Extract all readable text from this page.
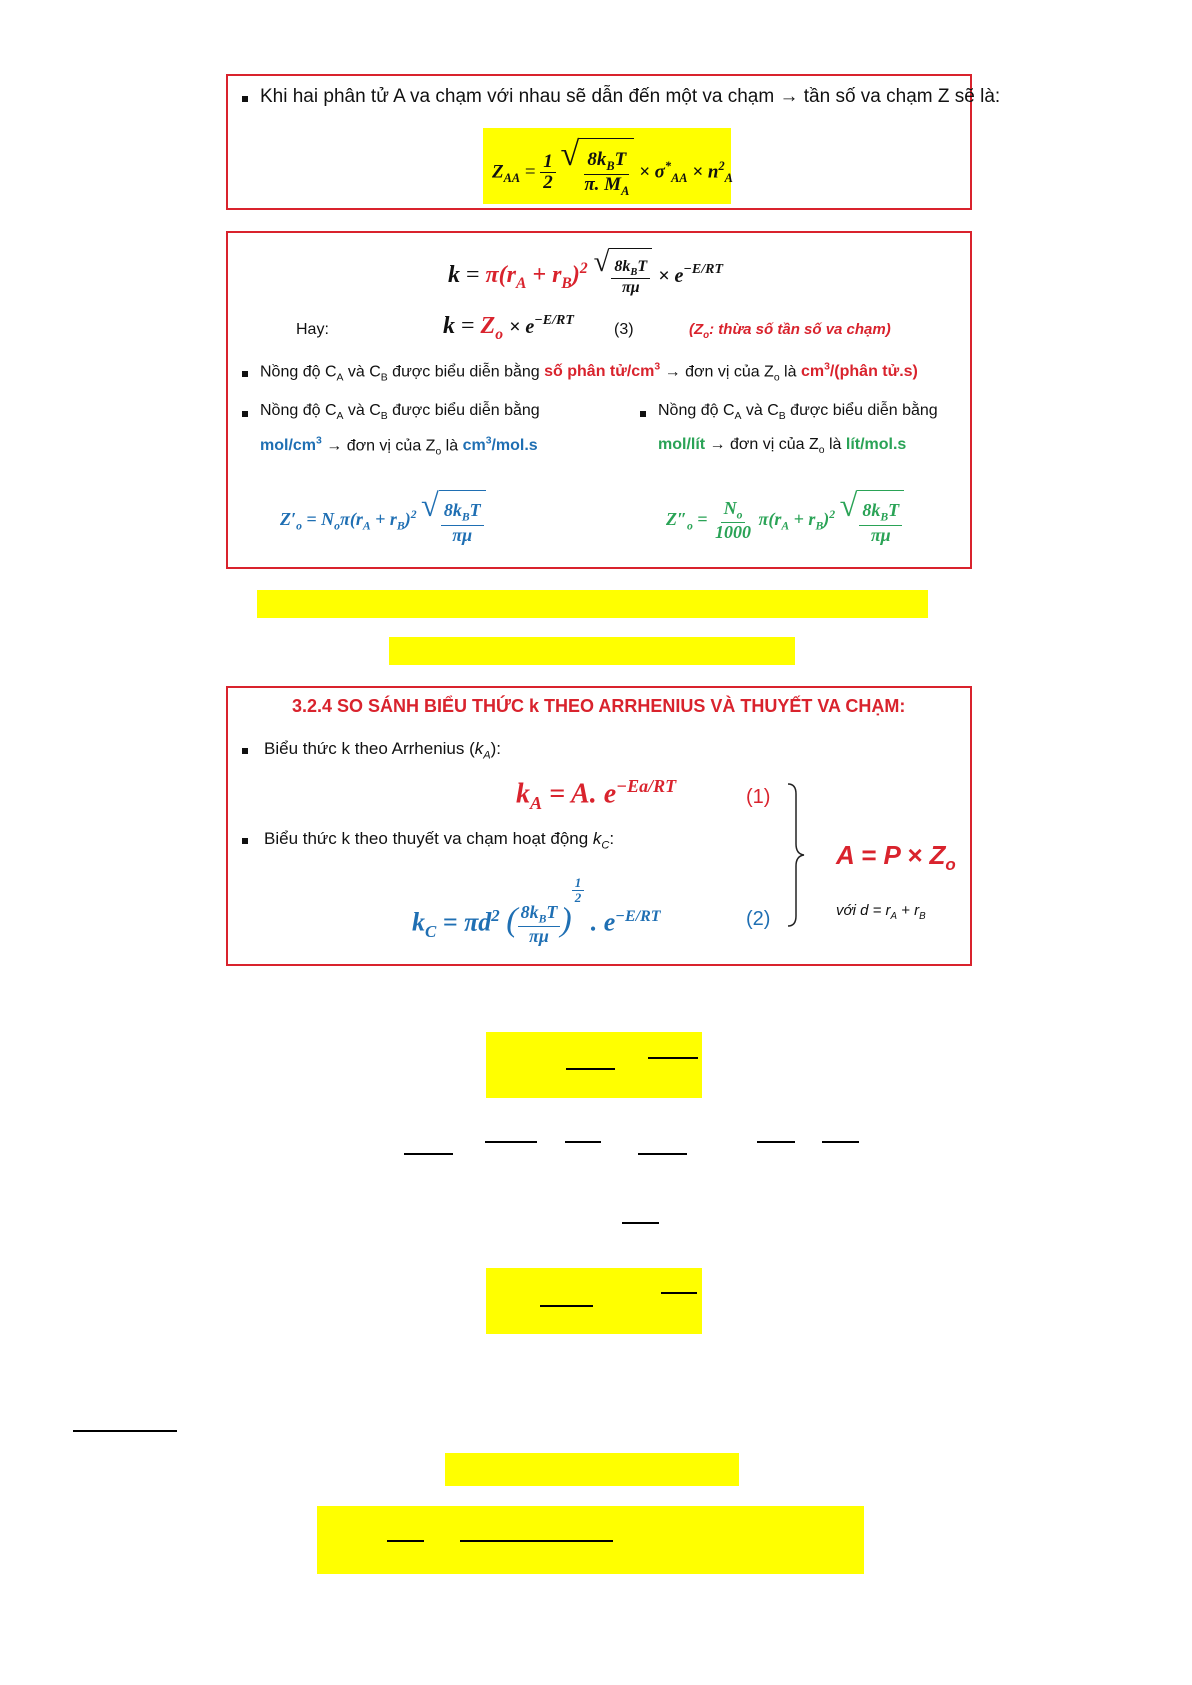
Khi hai phân tử A va chạm với nhau sẽ dẫn đến một va chạm → tần số va chạm Z sẽ là:
$Z_{AA} = \frac{1}{2}$
√ $\frac{8k_BT}{\pi. M_A} \times \sigma^*_{AA} \times n^2_A$
$k = \pi(r_A + r_B)^2$ √ $\frac{8k_BT}{\pi\mu} \times e^{-E/RT}$
Hay:	$k = Z_o \times e^{-E/RT}$
(3)	($Z_o$: thừa số tần số va chạm)
Nồng độ $C_A$ và $C_B$ được biểu diễn bằng số phân $tử/cm^3$ → đơn vị của $Z_o$ là $cm^3/(phân$ tử.s)
Nồng độ $C_A$ và $C_B$ được biểu diễn bằng
mol/$cm^3$ → đơn vị của $Z_o$ là $cm^3/mol.s$
$Z'_o = N_o\pi(r_A + r_B)^2$ √ $\frac{8k_BT}{\pi\mu}$
Nồng độ $C_A$ và $C_B$ được biểu diễn bằng
mol/lít → đơn vị của $Z_o$ là lít/mol.s
$Z''_o = \frac{N_o}{1000} \pi(r_A + r_B)^2$ √ $\frac{8k_BT}{\pi\mu}$
3.2.4 SO SÁNH BIỂU THỨC k THEO ARRHENIUS VÀ THUYẾT VA CHẠM:
Biểu thức k theo Arrhenius $(k_A)$:
$k_A = A$. $e^{-Ea/RT}$	(1)
Biểu thức k theo thuyết va chạm hoạt động $k_C$:
$k_C = \pi d^2$ ( $\frac{8k_BT}{\pi\mu}$ )
$^{\frac{1}{2}}$
. $e^{-E/RT}$	(2)
$A = P \times Z_o$
với $d = r_A + r_B$
